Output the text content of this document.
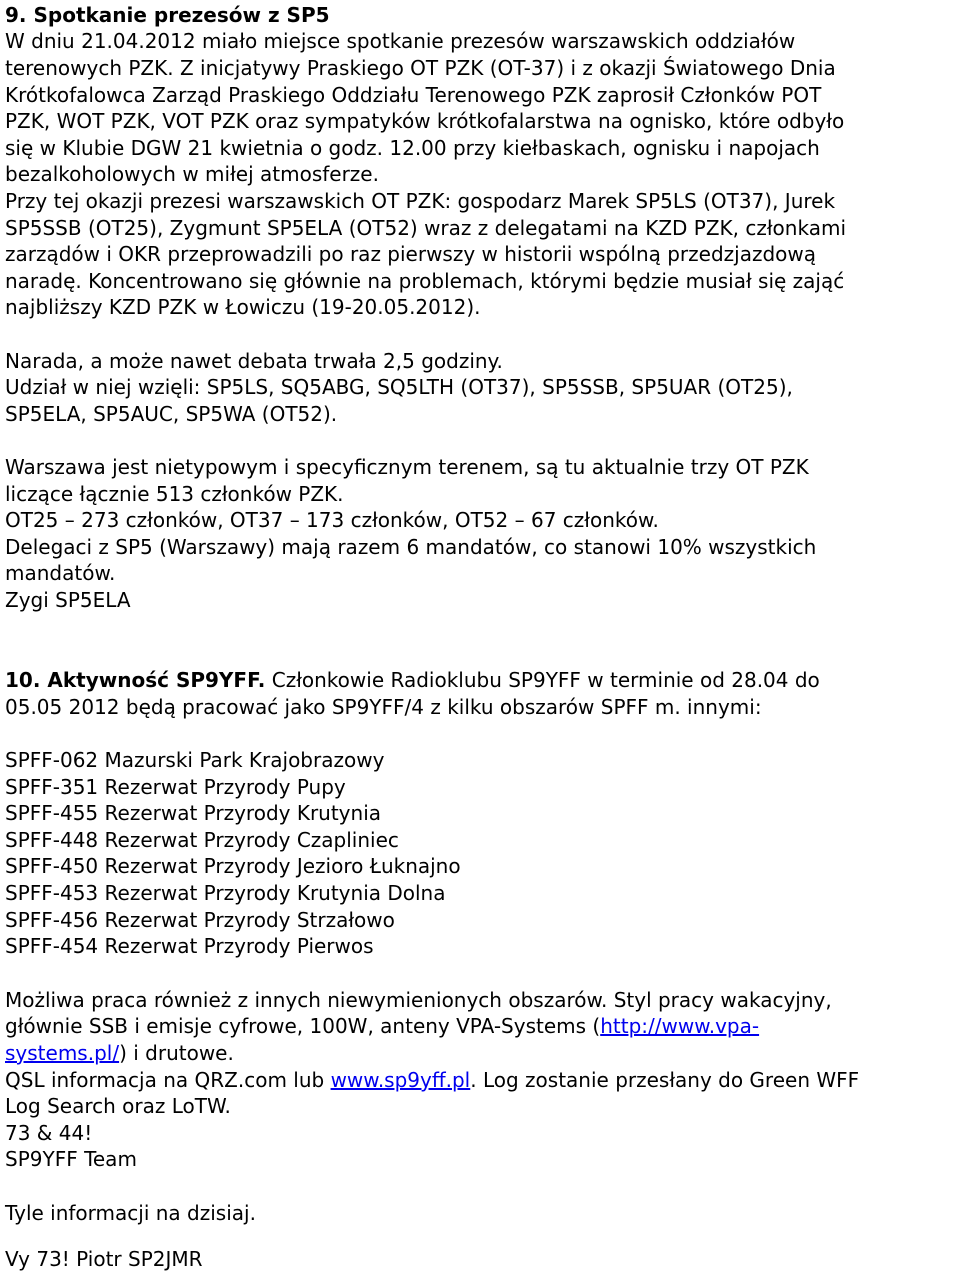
9. Spotkanie prezesów z SP5

W dniu 21.04.2012 miało miejsce spotkanie prezesów warszawskich oddziałów

terenowych PZK. Z inicjatywy Praskiego OT PZK (OT-37) i z okazji Światowego Dnia

Krótkofalowca Zarząd Praskiego Oddziału Terenowego PZK zaprosił Członków POT

PZK, WOT PZK, VOT PZK oraz sympatyków krótkofalarstwa na ognisko, które odbyło

się w Klubie DGW 21 kwietnia o godz. 12.00 przy kiełbaskach, ognisku i napojach

bezalkoholowych w miłej atmosferze.

Przy tej okazji prezesi warszawskich OT PZK: gospodarz Marek SP5LS (OT37), Jurek

SP5SSB (OT25), Zygmunt SP5ELA (OT52) wraz z delegatami na KZD PZK, członkami

zarządów i OKR przeprowadzili po raz pierwszy w historii wspólną przedzjazdową

naradę. Koncentrowano się głównie na problemach, którymi będzie musiał się zająć

najbliższy KZD PZK w Łowiczu (19-20.05.2012).

Narada, a może nawet debata trwała 2,5 godziny.

Udział w niej wzięli: SP5LS, SQ5ABG, SQ5LTH (OT37), SP5SSB, SP5UAR (OT25),

SP5ELA, SP5AUC, SP5WA (OT52).

Warszawa jest nietypowym i specyficznym terenem, są tu aktualnie trzy OT PZK

liczące łącznie 513 członków PZK.

OT25 – 273 członków, OT37 – 173 członków, OT52 – 67 członków.

Delegaci z SP5 (Warszawy) mają razem 6 mandatów, co stanowi 10% wszystkich

mandatów.

Zygi SP5ELA

10. Aktywność SP9YFF. Członkowie Radioklubu SP9YFF w terminie od 28.04 do

05.05 2012 będą pracować jako SP9YFF/4 z kilku obszarów SPFF m. innymi:

SPFF-062 Mazurski Park Krajobrazowy

SPFF-351 Rezerwat Przyrody Pupy

SPFF-455 Rezerwat Przyrody Krutynia

SPFF-448 Rezerwat Przyrody Czapliniec

SPFF-450 Rezerwat Przyrody Jezioro Łuknajno

SPFF-453 Rezerwat Przyrody Krutynia Dolna

SPFF-456 Rezerwat Przyrody Strzałowo

SPFF-454 Rezerwat Przyrody Pierwos

Możliwa praca również z innych niewymienionych obszarów. Styl pracy wakacyjny,

głównie SSB i emisje cyfrowe, 100W, anteny VPA-Systems (http://www.vpa-

systems.pl/) i drutowe.

QSL informacja na QRZ.com lub www.sp9yff.pl. Log zostanie przesłany do Green WFF

Log Search oraz LoTW.

73 & 44!

SP9YFF Team

Tyle informacji na dzisiaj.

Vy 73! Piotr SP2JMR
